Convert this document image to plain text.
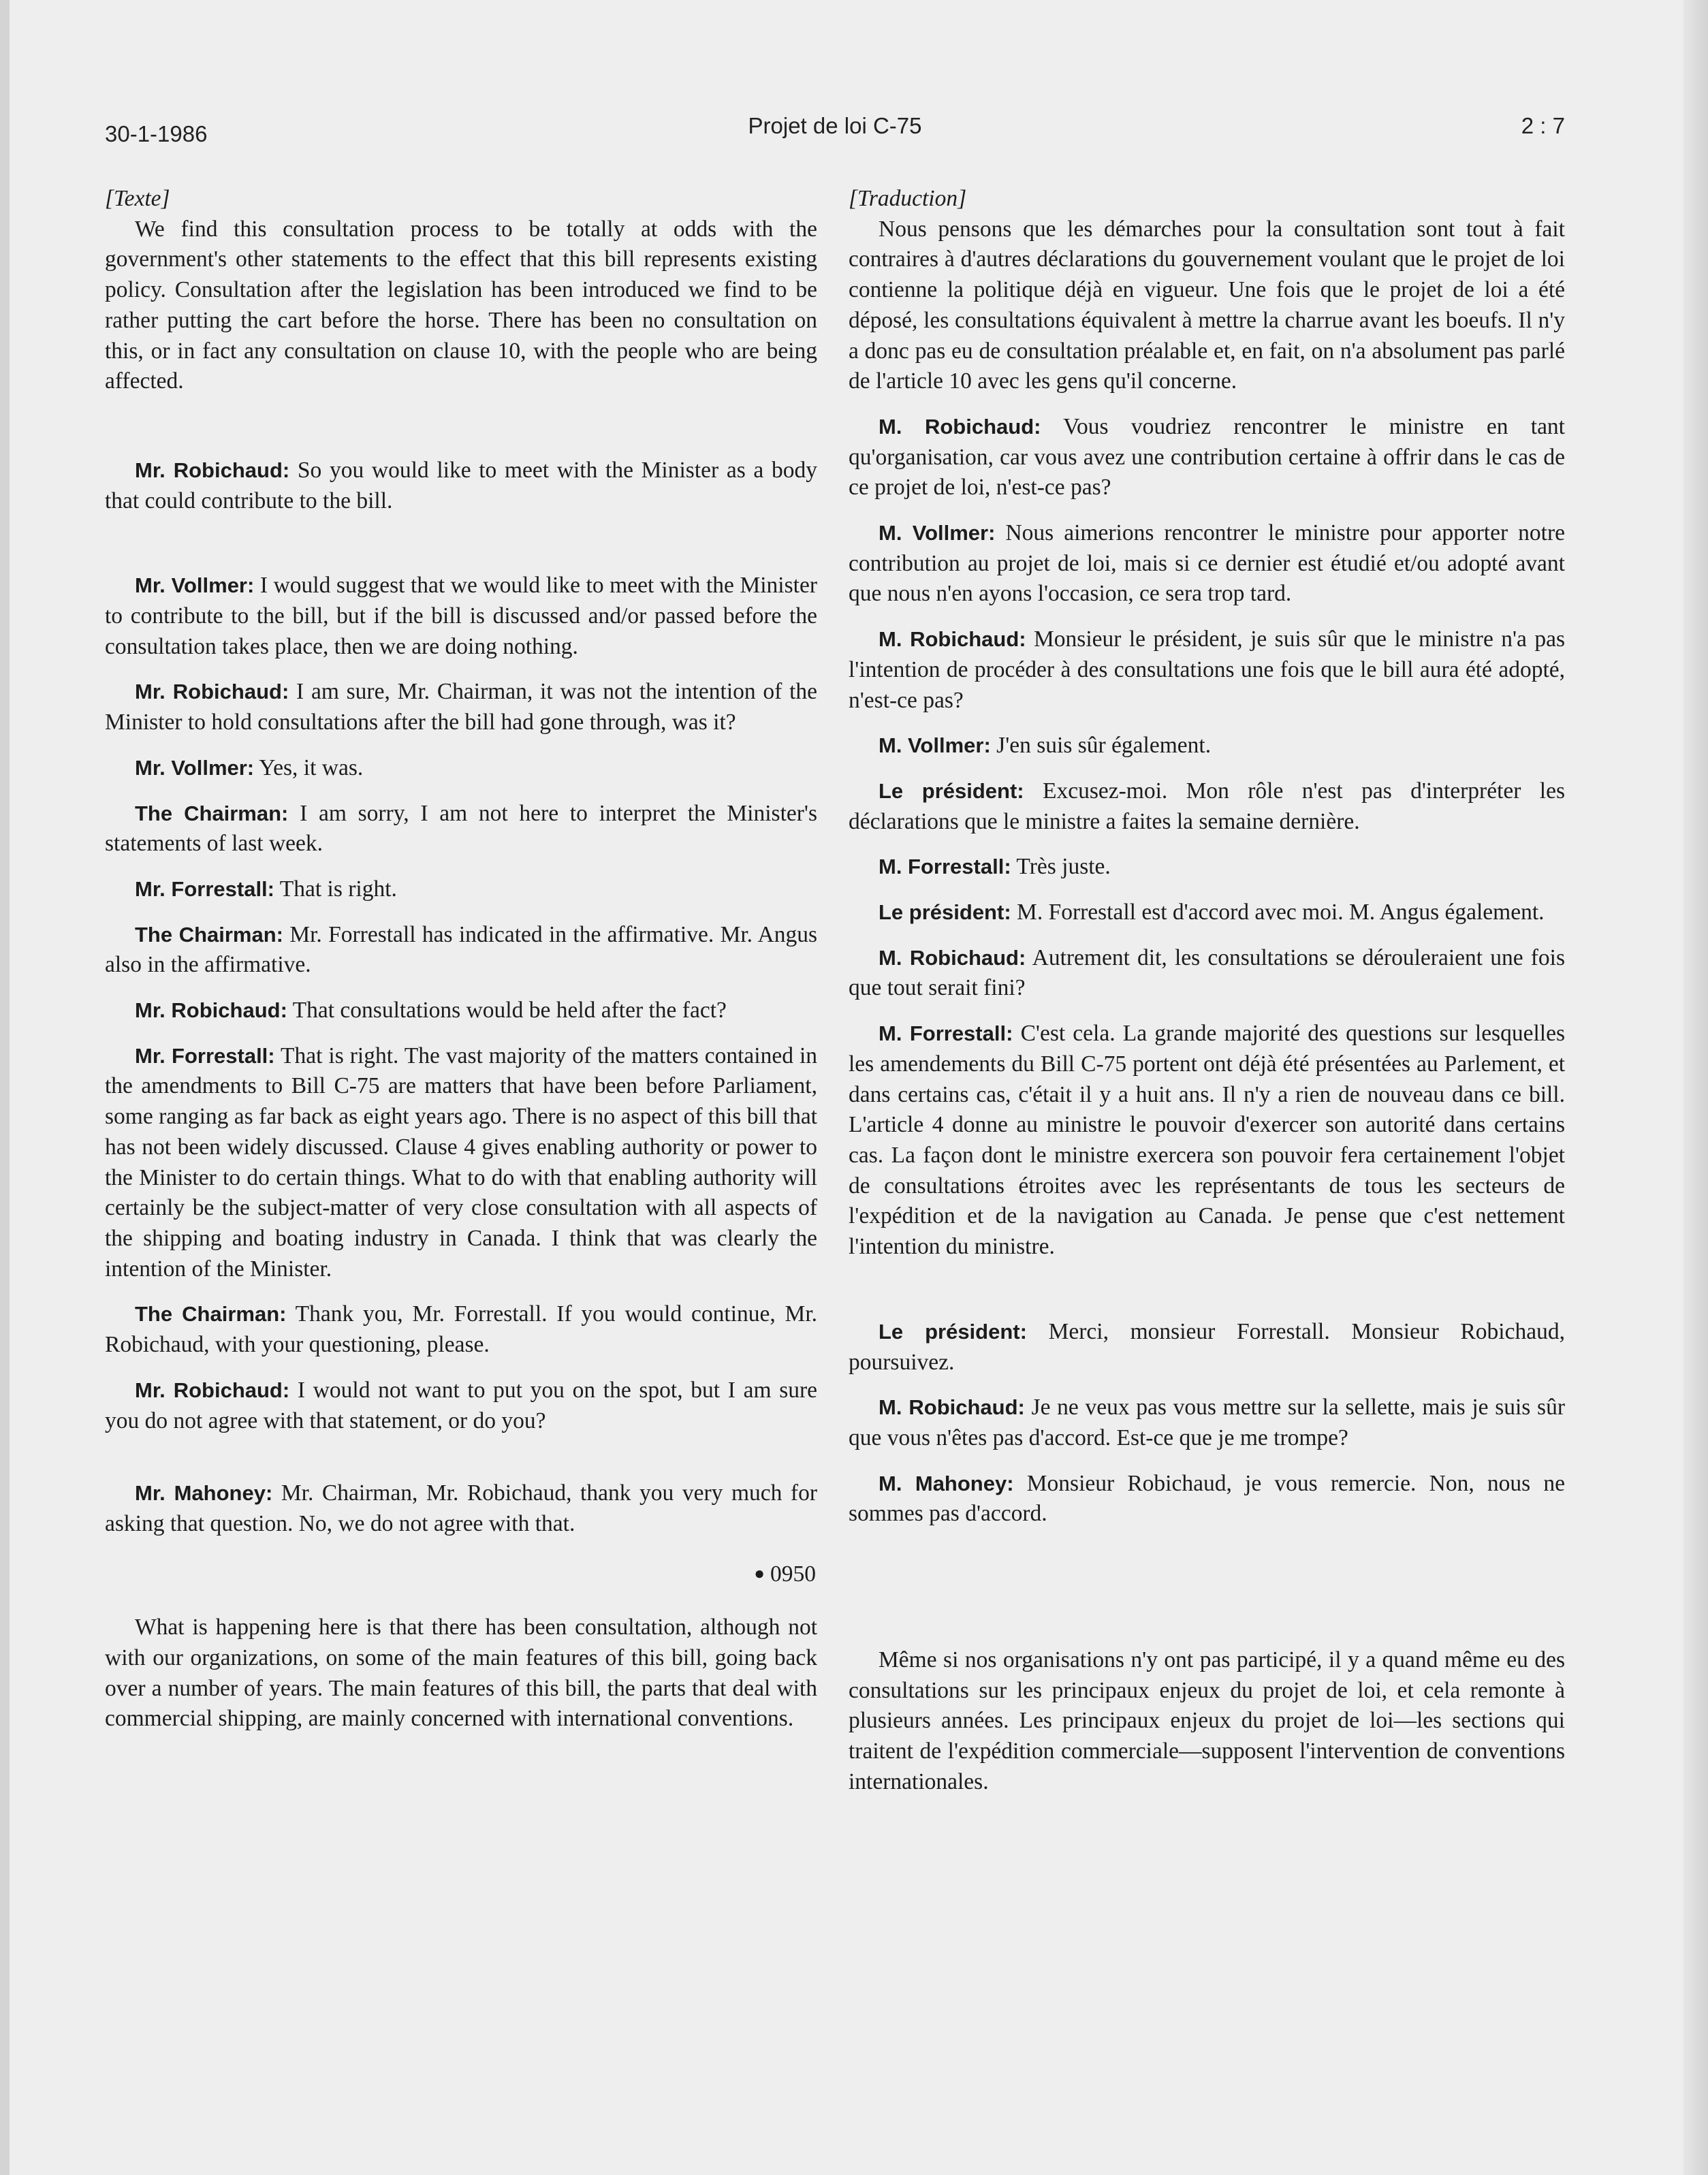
30-1-1986	Projet de loi C-75	2 : 7

[Texte]

We find this consultation process to be totally at odds with the government's other statements to the effect that this bill represents existing policy. Consultation after the legislation has been introduced we find to be rather putting the cart before the horse. There has been no consultation on this, or in fact any consultation on clause 10, with the people who are being affected.

Mr. Robichaud: So you would like to meet with the Minister as a body that could contribute to the bill.

Mr. Vollmer: I would suggest that we would like to meet with the Minister to contribute to the bill, but if the bill is discussed and/or passed before the consultation takes place, then we are doing nothing.

Mr. Robichaud: I am sure, Mr. Chairman, it was not the intention of the Minister to hold consultations after the bill had gone through, was it?

Mr. Vollmer: Yes, it was.

The Chairman: I am sorry, I am not here to interpret the Minister's statements of last week.

Mr. Forrestall: That is right.

The Chairman: Mr. Forrestall has indicated in the affirmative. Mr. Angus also in the affirmative.

Mr. Robichaud: That consultations would be held after the fact?

Mr. Forrestall: That is right. The vast majority of the matters contained in the amendments to Bill C-75 are matters that have been before Parliament, some ranging as far back as eight years ago. There is no aspect of this bill that has not been widely discussed. Clause 4 gives enabling authority or power to the Minister to do certain things. What to do with that enabling authority will certainly be the subject-matter of very close consultation with all aspects of the shipping and boating industry in Canada. I think that was clearly the intention of the Minister.

The Chairman: Thank you, Mr. Forrestall. If you would continue, Mr. Robichaud, with your questioning, please.

Mr. Robichaud: I would not want to put you on the spot, but I am sure you do not agree with that statement, or do you?

Mr. Mahoney: Mr. Chairman, Mr. Robichaud, thank you very much for asking that question. No, we do not agree with that.

● 0950

What is happening here is that there has been consultation, although not with our organizations, on some of the main features of this bill, going back over a number of years. The main features of this bill, the parts that deal with commercial shipping, are mainly concerned with international conventions.

[Traduction]

Nous pensons que les démarches pour la consultation sont tout à fait contraires à d'autres déclarations du gouvernement voulant que le projet de loi contienne la politique déjà en vigueur. Une fois que le projet de loi a été déposé, les consultations équivalent à mettre la charrue avant les boeufs. Il n'y a donc pas eu de consultation préalable et, en fait, on n'a absolument pas parlé de l'article 10 avec les gens qu'il concerne.

M. Robichaud: Vous voudriez rencontrer le ministre en tant qu'organisation, car vous avez une contribution certaine à offrir dans le cas de ce projet de loi, n'est-ce pas?

M. Vollmer: Nous aimerions rencontrer le ministre pour apporter notre contribution au projet de loi, mais si ce dernier est étudié et/ou adopté avant que nous n'en ayons l'occasion, ce sera trop tard.

M. Robichaud: Monsieur le président, je suis sûr que le ministre n'a pas l'intention de procéder à des consultations une fois que le bill aura été adopté, n'est-ce pas?

M. Vollmer: J'en suis sûr également.

Le président: Excusez-moi. Mon rôle n'est pas d'interpréter les déclarations que le ministre a faites la semaine dernière.

M. Forrestall: Très juste.

Le président: M. Forrestall est d'accord avec moi. M. Angus également.

M. Robichaud: Autrement dit, les consultations se dérouleraient une fois que tout serait fini?

M. Forrestall: C'est cela. La grande majorité des questions sur lesquelles les amendements du Bill C-75 portent ont déjà été présentées au Parlement, et dans certains cas, c'était il y a huit ans. Il n'y a rien de nouveau dans ce bill. L'article 4 donne au ministre le pouvoir d'exercer son autorité dans certains cas. La façon dont le ministre exercera son pouvoir fera certainement l'objet de consultations étroites avec les représentants de tous les secteurs de l'expédition et de la navigation au Canada. Je pense que c'est nettement l'intention du ministre.

Le président: Merci, monsieur Forrestall. Monsieur Robichaud, poursuivez.

M. Robichaud: Je ne veux pas vous mettre sur la sellette, mais je suis sûr que vous n'êtes pas d'accord. Est-ce que je me trompe?

M. Mahoney: Monsieur Robichaud, je vous remercie. Non, nous ne sommes pas d'accord.

Même si nos organisations n'y ont pas participé, il y a quand même eu des consultations sur les principaux enjeux du projet de loi, et cela remonte à plusieurs années. Les principaux enjeux du projet de loi—les sections qui traitent de l'expédition commerciale—supposent l'intervention de conventions internationales.
